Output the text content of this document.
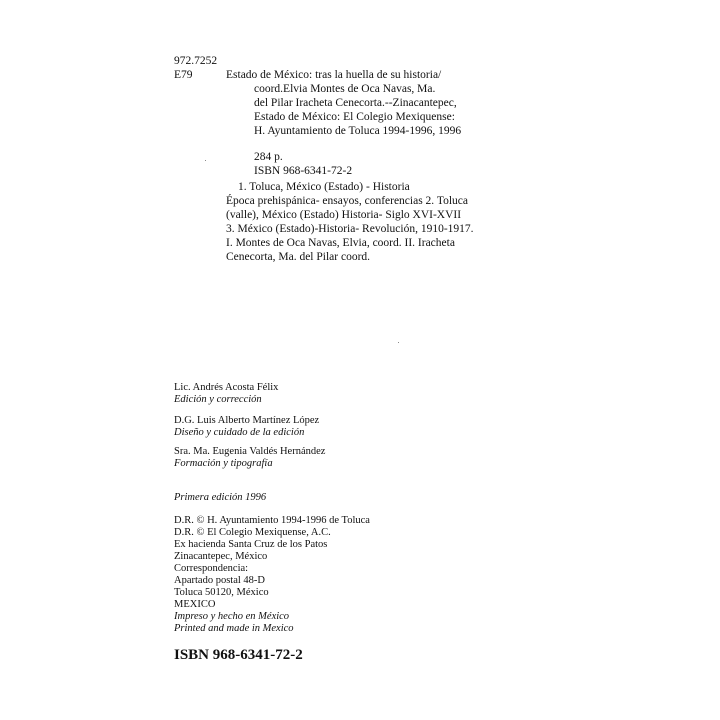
972.7252
E79	Estado de México: tras la huella de su historia/
coord.Elvia Montes de Oca Navas, Ma.
del Pilar Iracheta Cenecorta.--Zinacantepec,
Estado de México: El Colegio Mexiquense:
H. Ayuntamiento de Toluca 1994-1996, 1996
284 p.
ISBN 968-6341-72-2
1. Toluca, México (Estado) - Historia
Época prehispánica- ensayos, conferencias 2. Toluca
(valle), México (Estado) Historia- Siglo XVI-XVII
3. México (Estado)-Historia- Revolución, 1910-1917.
I. Montes de Oca Navas, Elvia, coord. II. Iracheta
Cenecorta, Ma. del Pilar coord.
Lic. Andrés Acosta Félix
Edición y corrección
D.G. Luis Alberto Martínez López
Diseño y cuidado de la edición
Sra. Ma. Eugenia Valdés Hernández
Formación y tipografía
Primera edición 1996
D.R. © H. Ayuntamiento 1994-1996 de Toluca
D.R. © El Colegio Mexiquense, A.C.
Ex hacienda Santa Cruz de los Patos
Zinacantepec, México
Correspondencia:
Apartado postal 48-D
Toluca 50120, México
MEXICO
Impreso y hecho en México
Printed and made in Mexico
ISBN 968-6341-72-2
